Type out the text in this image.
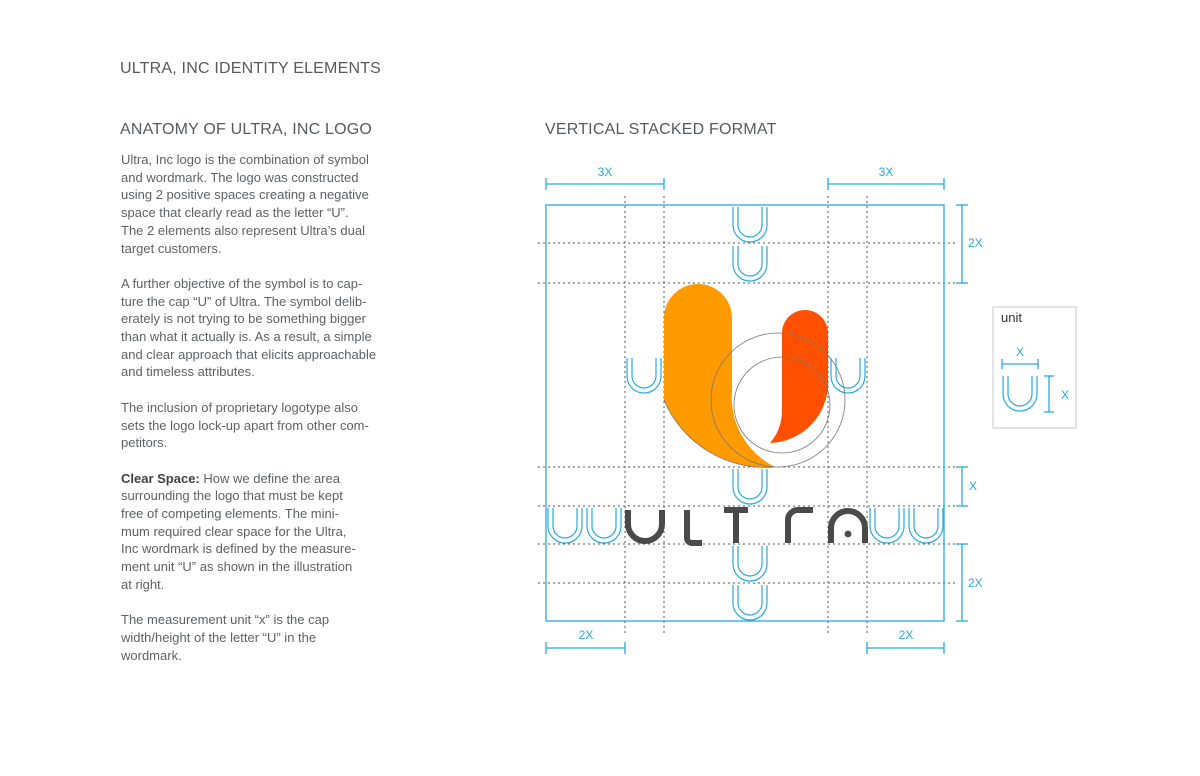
ULTRA, INC IDENTITY ELEMENTS
ANATOMY OF ULTRA, INC LOGO	VERTICAL STACKED FORMAT

Ultra, Inc logo is the combination of symbol
and wordmark. The logo was constructed
using 2 positive spaces creating a negative
space that clearly read as the letter “U”.
The 2 elements also represent Ultra’s dual
target customers.

A further objective of the symbol is to cap-
ture the cap “U” of Ultra. The symbol delib-
erately is not trying to be something bigger
than what it actually is. As a result, a simple
and clear approach that elicits approachable
and timeless attributes.

The inclusion of proprietary logotype also
sets the logo lock-up apart from other com-
petitors.

Clear Space: How we define the area
surrounding the logo that must be kept
free of competing elements. The mini-
mum required clear space for the Ultra,
Inc wordmark is defined by the measure-
ment unit “U” as shown in the illustration
at right.

The measurement unit “x” is the cap
width/height of the letter “U” in the
wordmark.

3X	3X
2X
X
2X
2X	2X
unit
X
X
